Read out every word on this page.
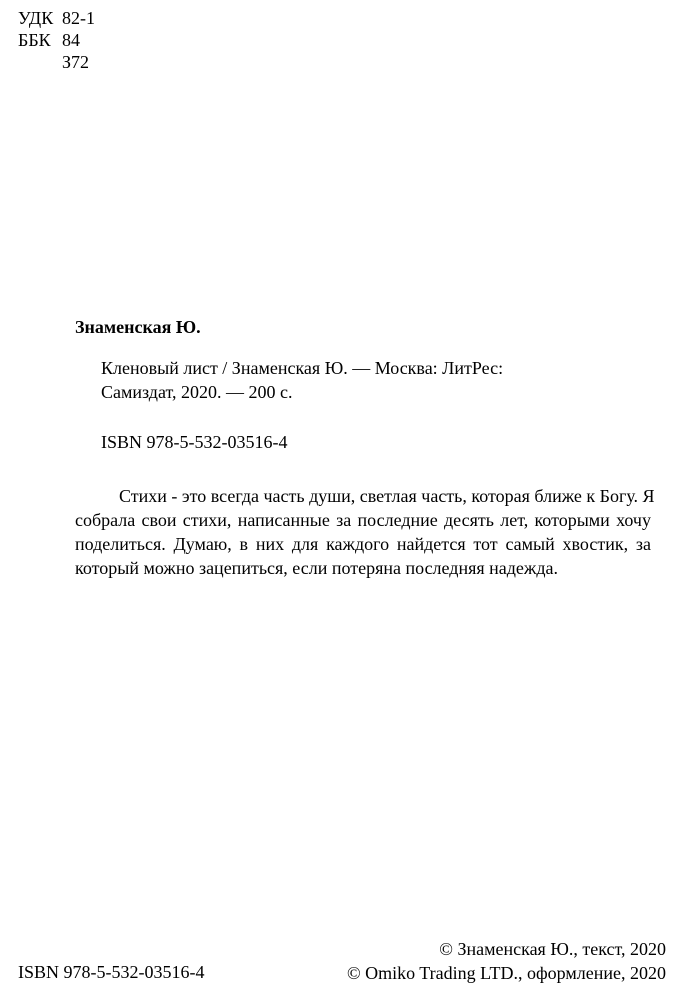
УДК 82-1
ББК 84
З72
Знаменская Ю.
Кленовый лист / Знаменская Ю. — Москва: ЛитРес:
Самиздат, 2020. — 200 с.
ISBN 978-5-532-03516-4
Стихи - это всегда часть души, светлая часть, которая ближе к Богу. Я
собрала свои стихи, написанные за последние десять лет, которыми хочу
поделиться. Думаю, в них для каждого найдется тот самый хвостик, за
который можно зацепиться, если потеряна последняя надежда.
© Знаменская Ю., текст, 2020
© Omiko Trading LTD., оформление, 2020
ISBN 978-5-532-03516-4
